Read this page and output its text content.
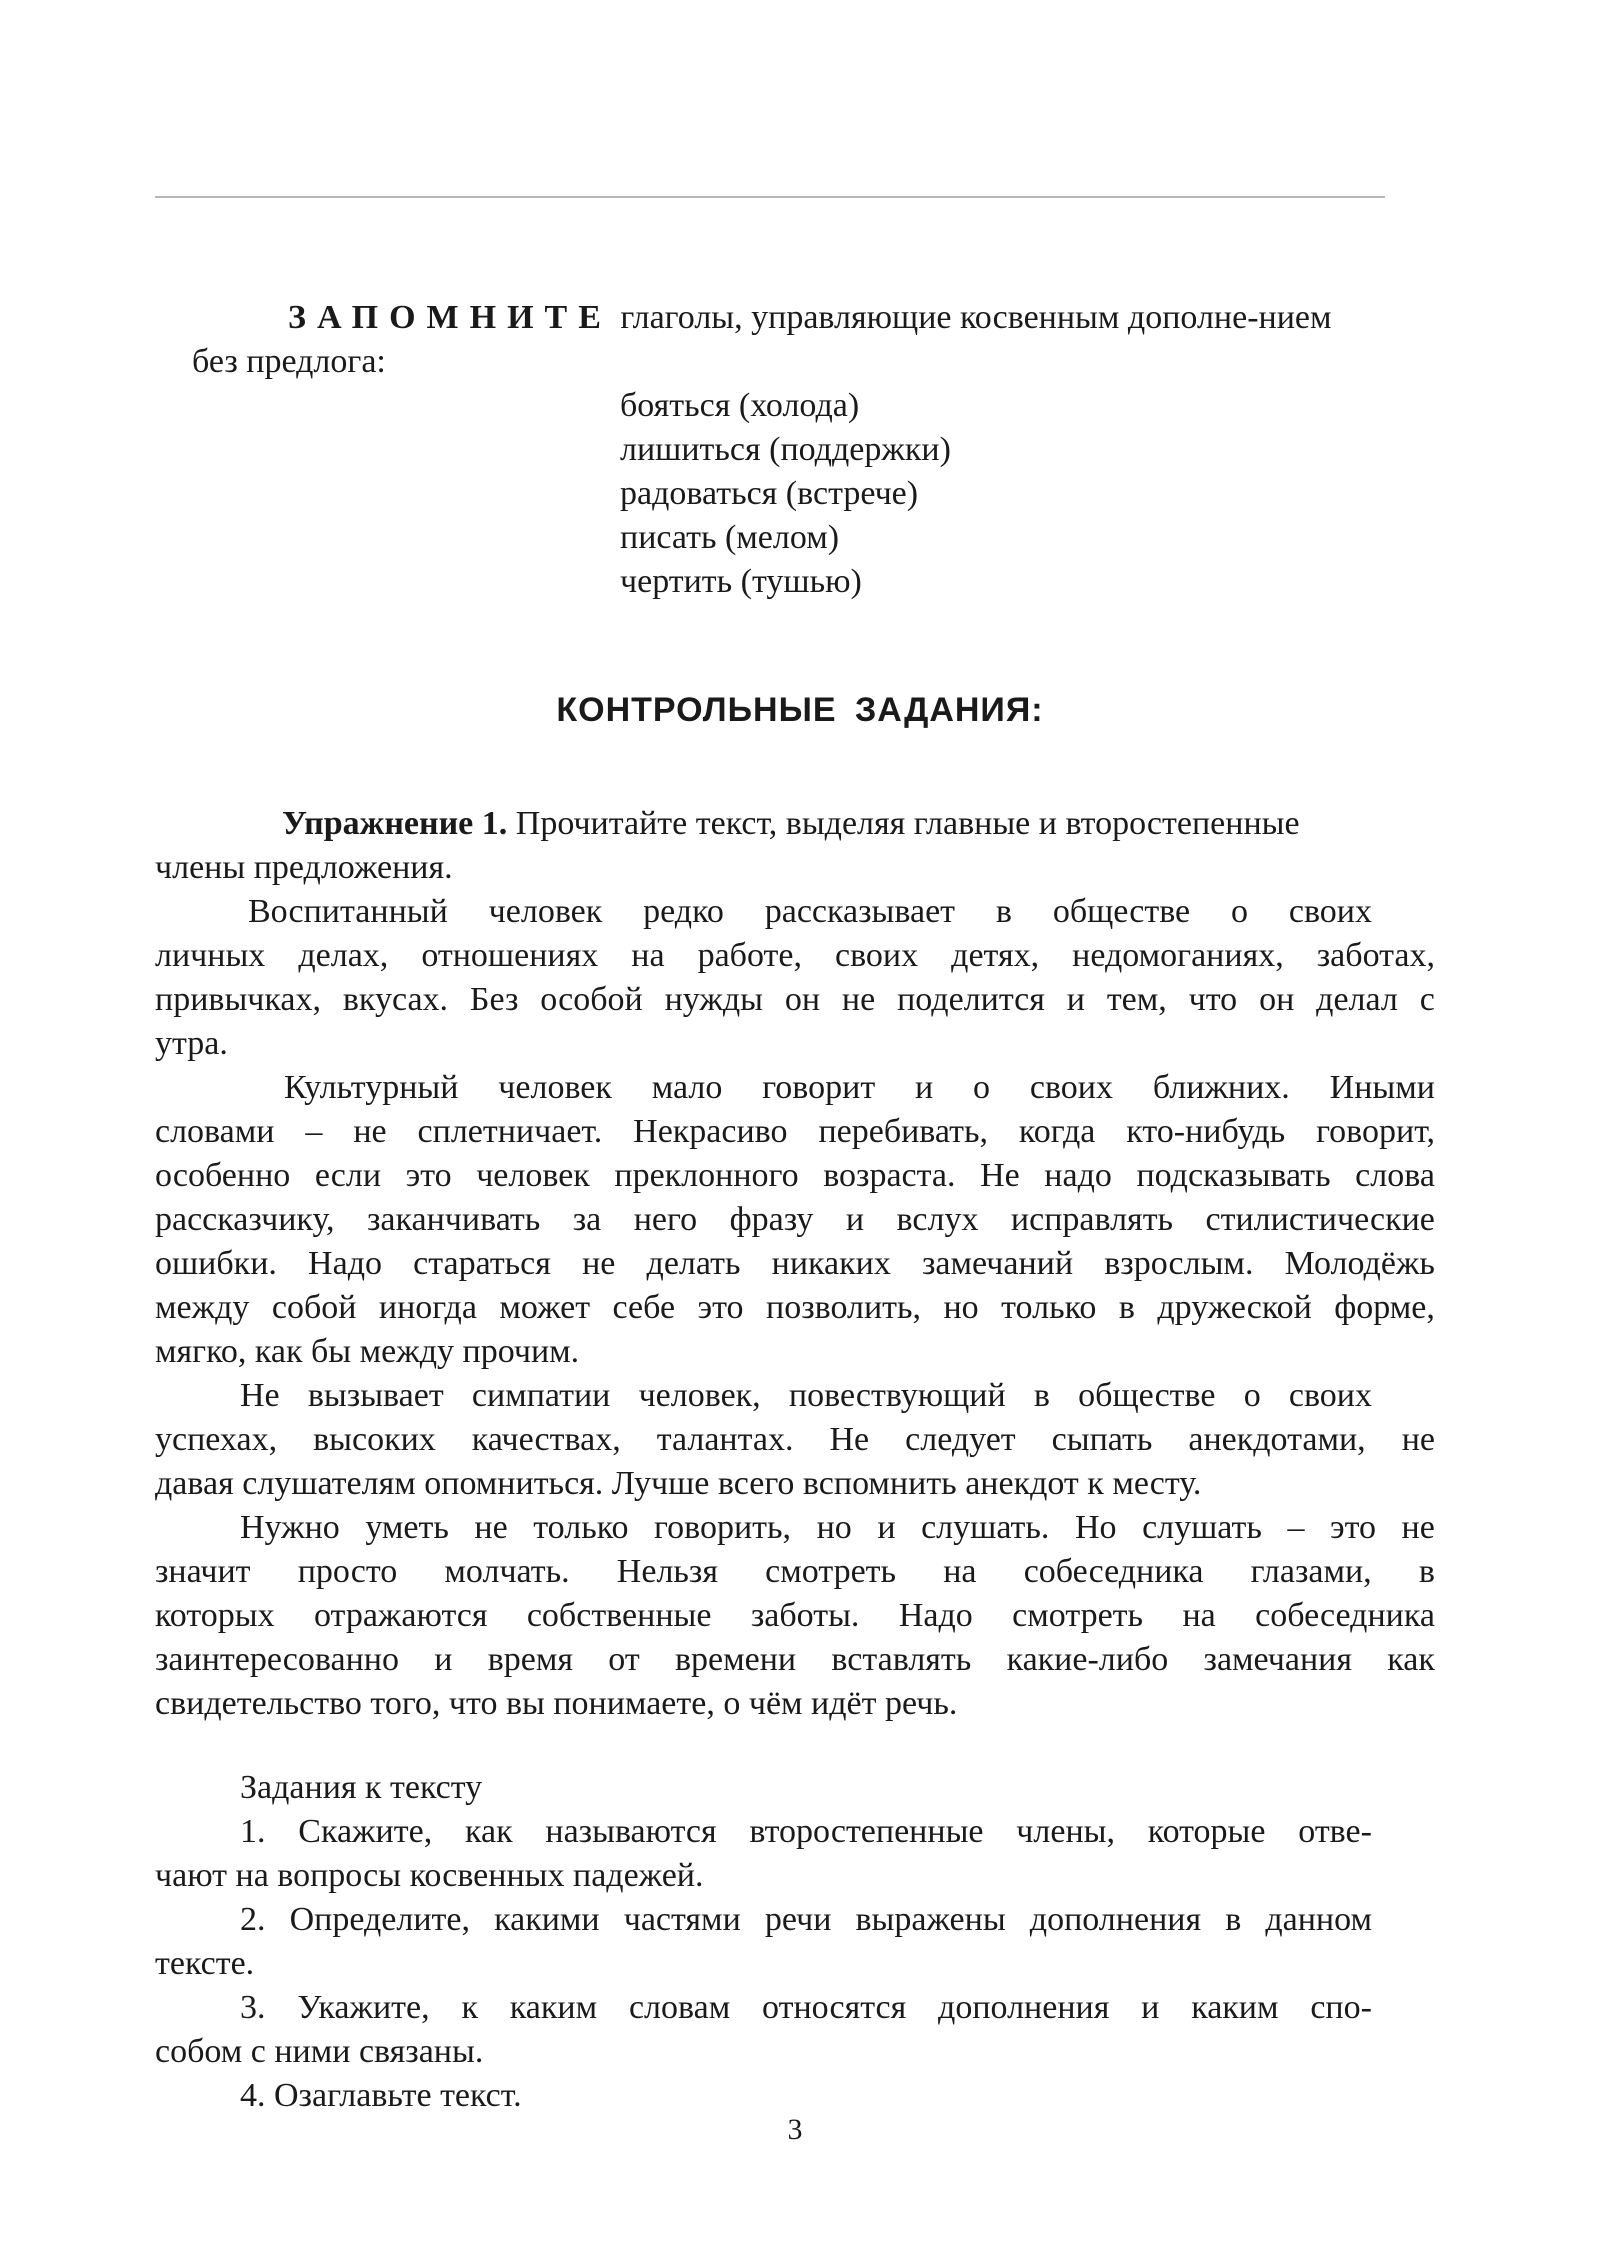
ЗАПОМНИТЕ глаголы, управляющие косвенным дополне-нием
без предлога:
бояться (холода)
лишиться (поддержки)
радоваться (встрече)
писать (мелом)
чертить (тушью)
КОНТРОЛЬНЫЕ ЗАДАНИЯ:
Упражнение 1. Прочитайте текст, выделяя главные и второстепенные
члены предложения.
Воспитанный человек редко рассказывает в обществе о своих
личных делах, отношениях на работе, своих детях, недомоганиях, заботах,
привычках, вкусах. Без особой нужды он не поделится и тем, что он делал с
утра.
Культурный человек мало говорит и о своих ближних. Иными
словами – не сплетничает. Некрасиво перебивать, когда кто-нибудь говорит,
особенно если это человек преклонного возраста. Не надо подсказывать слова
рассказчику, заканчивать за него фразу и вслух исправлять стилистические
ошибки. Надо стараться не делать никаких замечаний взрослым. Молодёжь
между собой иногда может себе это позволить, но только в дружеской форме,
мягко, как бы между прочим.
Не вызывает симпатии человек, повествующий в обществе о своих
успехах, высоких качествах, талантах. Не следует сыпать анекдотами, не
давая слушателям опомниться. Лучше всего вспомнить анекдот к месту.
Нужно уметь не только говорить, но и слушать. Но слушать – это не
значит просто молчать. Нельзя смотреть на собеседника глазами, в
которых отражаются собственные заботы. Надо смотреть на собеседника
заинтересованно и время от времени вставлять какие-либо замечания как
свидетельство того, что вы понимаете, о чём идёт речь.
Задания к тексту
1. Скажите, как называются второстепенные члены, которые отве-
чают на вопросы косвенных падежей.
2. Определите, какими частями речи выражены дополнения в данном
тексте.
3. Укажите, к каким словам относятся дополнения и каким спо-
собом с ними связаны.
4. Озаглавьте текст.
3
